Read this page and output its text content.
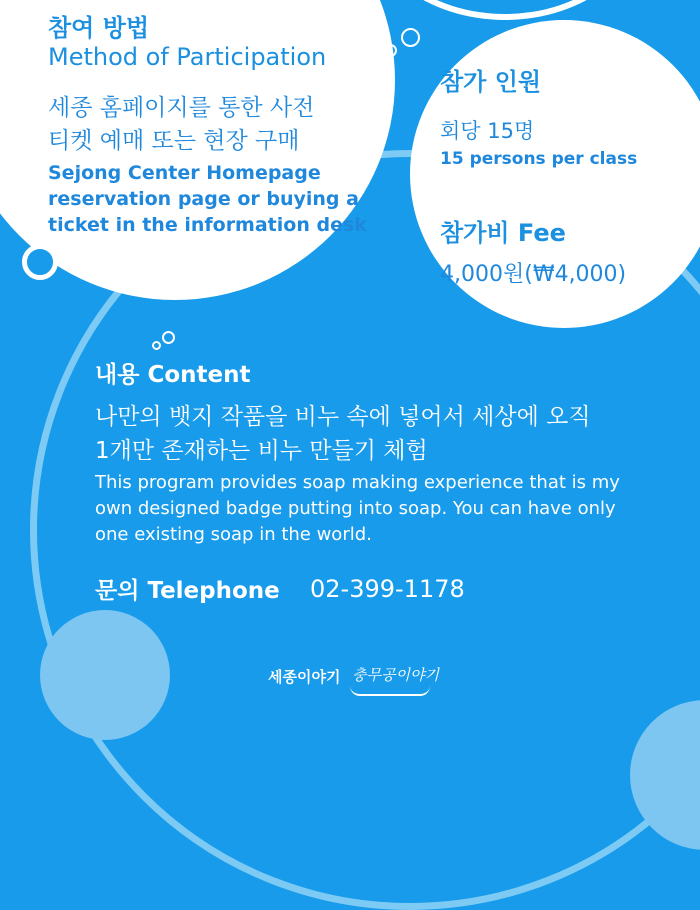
참여 방법
Method of Participation
세종 홈페이지를 통한 사전
티켓 예매 또는 현장 구매
Sejong Center Homepage
reservation page or buying a
ticket in the information desk
참가 인원
회당 15명
15 persons per class
참가비 Fee
4,000원(₩4,000)
내용 Content
나만의 뱃지 작품을 비누 속에 넣어서 세상에 오직
1개만 존재하는 비누 만들기 체험
This program provides soap making experience that is my
own designed badge putting into soap. You can have only
one existing soap in the world.
문의 Telephone 02-399-1178
세종이야기 충무공이야기
